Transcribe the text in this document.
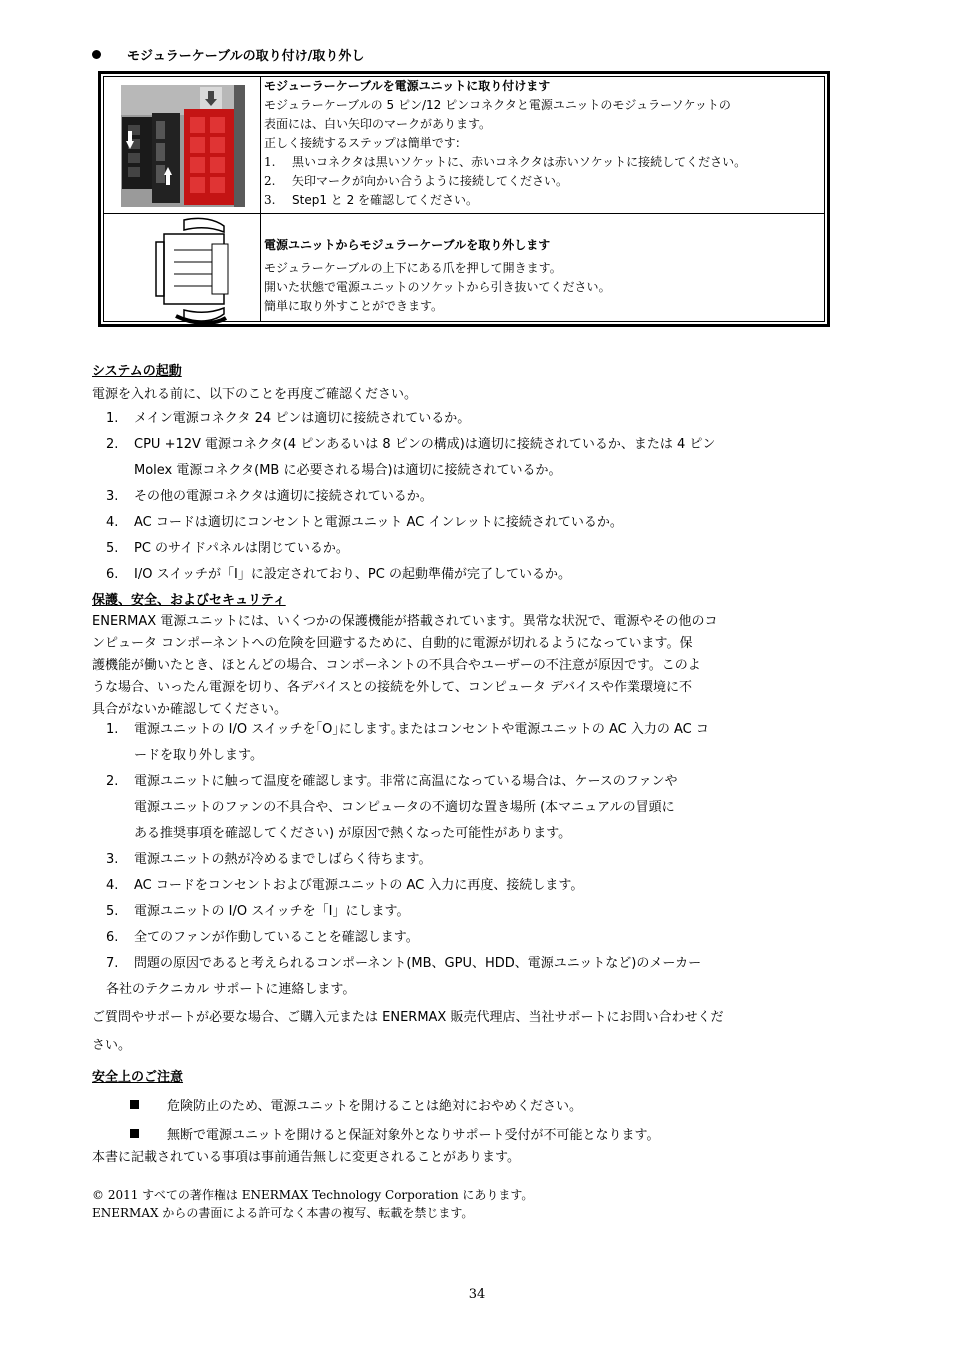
モジュラーケーブルの取り付け/取り外し
モジューラーケーブルを電源ユニットに取り付けます
モジュラーケーブルの 5 ピン/12 ピンコネクタと電源ユニットのモジュラーソケットの
表面には、白い矢印のマークがあります。
正しく接続するステップは簡単です:
1. 黒いコネクタは黒いソケットに、赤いコネクタは赤いソケットに接続してください。
2. 矢印マークが向かい合うように接続してください。
3. Step1 と 2 を確認してください。
電源ユニットからモジュラーケーブルを取り外します
モジュラーケーブルの上下にある爪を押して開きます。
開いた状態で電源ユニットのソケットから引き抜いてください。
簡単に取り外すことができます。
システムの起動
電源を入れる前に、以下のことを再度ご確認ください。
1. メイン電源コネクタ 24 ピンは適切に接続されているか。
2. CPU +12V 電源コネクタ(4 ピンあるいは 8 ピンの構成)は適切に接続されているか、または 4 ピン
Molex 電源コネクタ(MB に必要される場合)は適切に接続されているか。
3. その他の電源コネクタは適切に接続されているか。
4. AC コードは適切にコンセントと電源ユニット AC インレットに接続されているか。
5. PC のサイドパネルは閉じているか。
6. I/O スイッチが「I」に設定されており、PC の起動準備が完了しているか。
保護、安全、およびセキュリティ
ENERMAX 電源ユニットには、いくつかの保護機能が搭載されています。異常な状況で、電源やその他のコ
ンピュータ コンポーネントへの危険を回避するために、自動的に電源が切れるようになっています。保
護機能が働いたとき、ほとんどの場合、コンポーネントの不具合やユーザーの不注意が原因です。このよ
うな場合、いったん電源を切り、各デバイスとの接続を外して、コンピュータ デバイスや作業環境に不
具合がないか確認してください。
1. 電源ユニットの I/O スイッチを｢O｣にします｡またはコンセントや電源ユニットの AC 入力の AC コ
ードを取り外します。
2. 電源ユニットに触って温度を確認します。非常に高温になっている場合は、ケースのファンや
電源ユニットのファンの不具合や、コンピュータの不適切な置き場所 (本マニュアルの冒頭に
ある推奨事項を確認してください) が原因で熱くなった可能性があります。
3. 電源ユニットの熱が冷めるまでしばらく待ちます。
4. AC コードをコンセントおよび電源ユニットの AC 入力に再度、接続します。
5. 電源ユニットの I/O スイッチを「I」にします。
6. 全てのファンが作動していることを確認します。
7. 問題の原因であると考えられるコンポーネント(MB、GPU、HDD、電源ユニットなど)のメーカー
各社のテクニカル サポートに連絡します。
ご質問やサポートが必要な場合、ご購入元または ENERMAX 販売代理店、当社サポートにお問い合わせくだ
さい。
安全上のご注意
危険防止のため、電源ユニットを開けることは絶対におやめください。
無断で電源ユニットを開けると保証対象外となりサポート受付が不可能となります。
本書に記載されている事項は事前通告無しに変更されることがあります。
© 2011 すべての著作権は ENERMAX Technology Corporation にあります。
ENERMAX からの書面による許可なく本書の複写、転載を禁じます。
34
